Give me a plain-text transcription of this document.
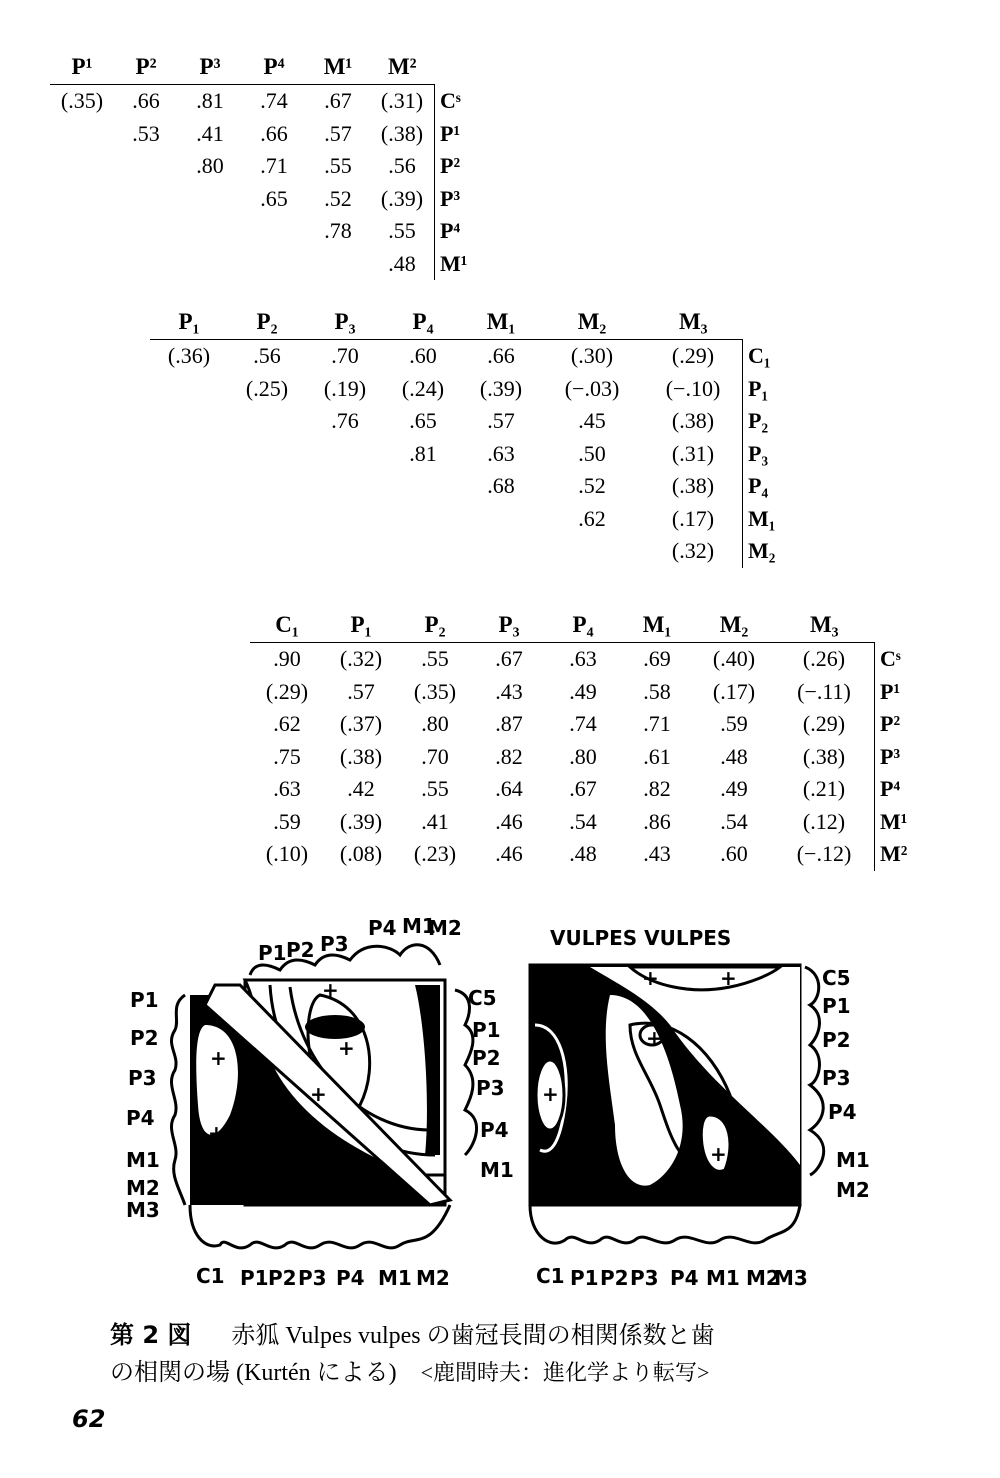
P¹	P²	P³	P⁴	M¹	M²	
(.35)	.66	.81	.74	.67	(.31)	Cˢ
	.53	.41	.66	.57	(.38)	P¹
		.80	.71	.55	.56	P²
			.65	.52	(.39)	P³
				.78	.55	P⁴
					.48	M¹
P₁	P₂	P₃	P₄	M₁	M₂	M₃	
(.36)	.56	.70	.60	.66	(.30)	(.29)	C₁
	(.25)	(.19)	(.24)	(.39)	(−.03)	(−.10)	P₁
		.76	.65	.57	.45	(.38)	P₂
			.81	.63	.50	(.31)	P₃
				.68	.52	(.38)	P₄
					.62	(.17)	M₁
						(.32)	M₂
C₁	P₁	P₂	P₃	P₄	M₁	M₂	M₃	
.90	(.32)	.55	.67	.63	.69	(.40)	(.26)	Cˢ
(.29)	.57	(.35)	.43	.49	.58	(.17)	(−.11)	P¹
.62	(.37)	.80	.87	.74	.71	.59	(.29)	P²
.75	(.38)	.70	.82	.80	.61	.48	(.38)	P³
.63	.42	.55	.64	.67	.82	.49	(.21)	P⁴
.59	(.39)	.41	.46	.54	.86	.54	(.12)	M¹
(.10)	(.08)	(.23)	.46	.48	.43	.60	(−.12)	M²
+
+
+
+
+
P1 P2 P3
P4 M1
M2
P1
P2
P3
P4
M1
M2
M3
C5
P1
P2
P3
P4
M1
C1 P1 P2 P3 P4 M1 M2
VULPES VULPES
+	+
+
+
+
C5
P1
P2
P3
P4
M1
M2
C1 P1 P2 P3 P4 M1 M2
M3
第 2 図 赤狐 Vulpes vulpes の歯冠長間の相関係数と歯
の相関の場 (Kurtén による) <鹿間時夫：進化学より転写>
62
